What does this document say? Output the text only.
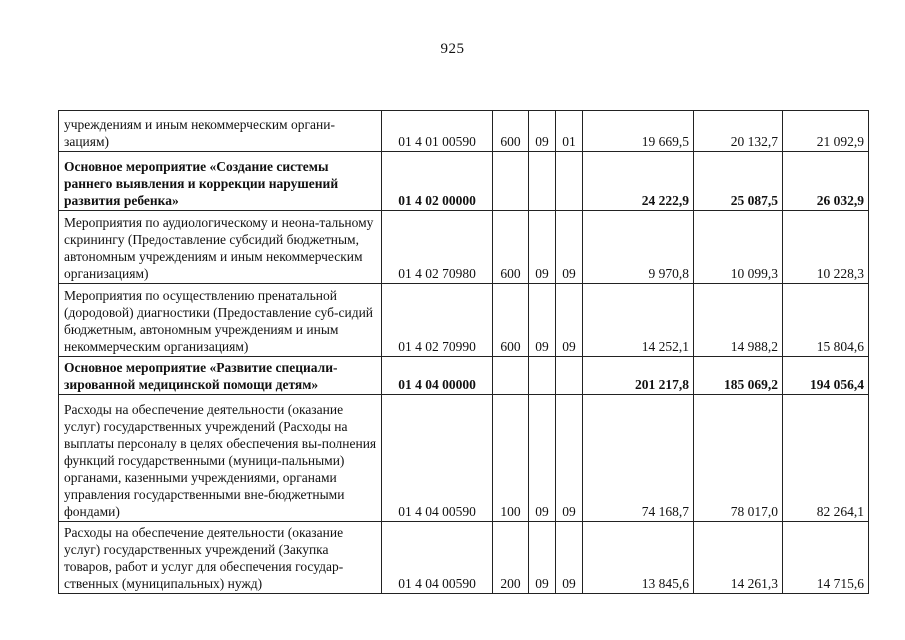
925
учреждениям и иным некоммерческим органи-зациям)	01 4 01 00590	600	09	01	19 669,5	20 132,7	21 092,9
Основное мероприятие «Создание системы раннего выявления и коррекции нарушений развития ребенка»	01 4 02 00000				24 222,9	25 087,5	26 032,9
Мероприятия по аудиологическому и неона-тальному скринингу (Предоставление субсидий бюджетным, автономным учреждениям и иным некоммерческим организациям)	01 4 02 70980	600	09	09	9 970,8	10 099,3	10 228,3
Мероприятия по осуществлению пренатальной (дородовой) диагностики (Предоставление суб-сидий бюджетным, автономным учреждениям и иным некоммерческим организациям)	01 4 02 70990	600	09	09	14 252,1	14 988,2	15 804,6
Основное мероприятие «Развитие специали-зированной медицинской помощи детям»	01 4 04 00000				201 217,8	185 069,2	194 056,4
Расходы на обеспечение деятельности (оказание услуг) государственных учреждений (Расходы на выплаты персоналу в целях обеспечения вы-полнения функций государственными (муници-пальными) органами, казенными учреждениями, органами управления государственными вне-бюджетными фондами)	01 4 04 00590	100	09	09	74 168,7	78 017,0	82 264,1
Расходы на обеспечение деятельности (оказание услуг) государственных учреждений (Закупка товаров, работ и услуг для обеспечения государ-ственных (муниципальных) нужд)	01 4 04 00590	200	09	09	13 845,6	14 261,3	14 715,6
